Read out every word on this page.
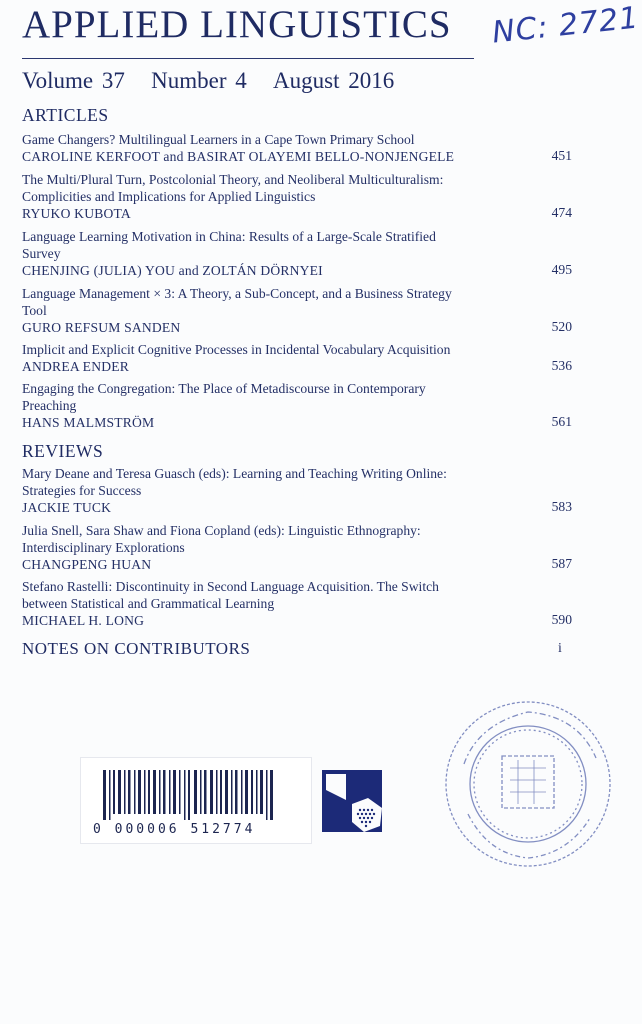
APPLIED LINGUISTICS NC: 2721
Volume 37 Number 4 August 2016
ARTICLES
Game Changers? Multilingual Learners in a Cape Town Primary School
CAROLINE KERFOOT and BASIRAT OLAYEMI BELLO-NONJENGELE	451
The Multi/Plural Turn, Postcolonial Theory, and Neoliberal Multiculturalism:
Complicities and Implications for Applied Linguistics
RYUKO KUBOTA	474
Language Learning Motivation in China: Results of a Large-Scale Stratified
Survey
CHENJING (JULIA) YOU and ZOLTÁN DÖRNYEI	495
Language Management × 3: A Theory, a Sub-Concept, and a Business Strategy
Tool
GURO REFSUM SANDEN	520
Implicit and Explicit Cognitive Processes in Incidental Vocabulary Acquisition
ANDREA ENDER	536
Engaging the Congregation: The Place of Metadiscourse in Contemporary
Preaching
HANS MALMSTRÖM	561
REVIEWS
Mary Deane and Teresa Guasch (eds): Learning and Teaching Writing Online:
Strategies for Success
JACKIE TUCK	583
Julia Snell, Sara Shaw and Fiona Copland (eds): Linguistic Ethnography:
Interdisciplinary Explorations
CHANGPENG HUAN	587
Stefano Rastelli: Discontinuity in Second Language Acquisition. The Switch
between Statistical and Grammatical Learning
MICHAEL H. LONG	590
NOTES ON CONTRIBUTORS	i
0 000006 512774
